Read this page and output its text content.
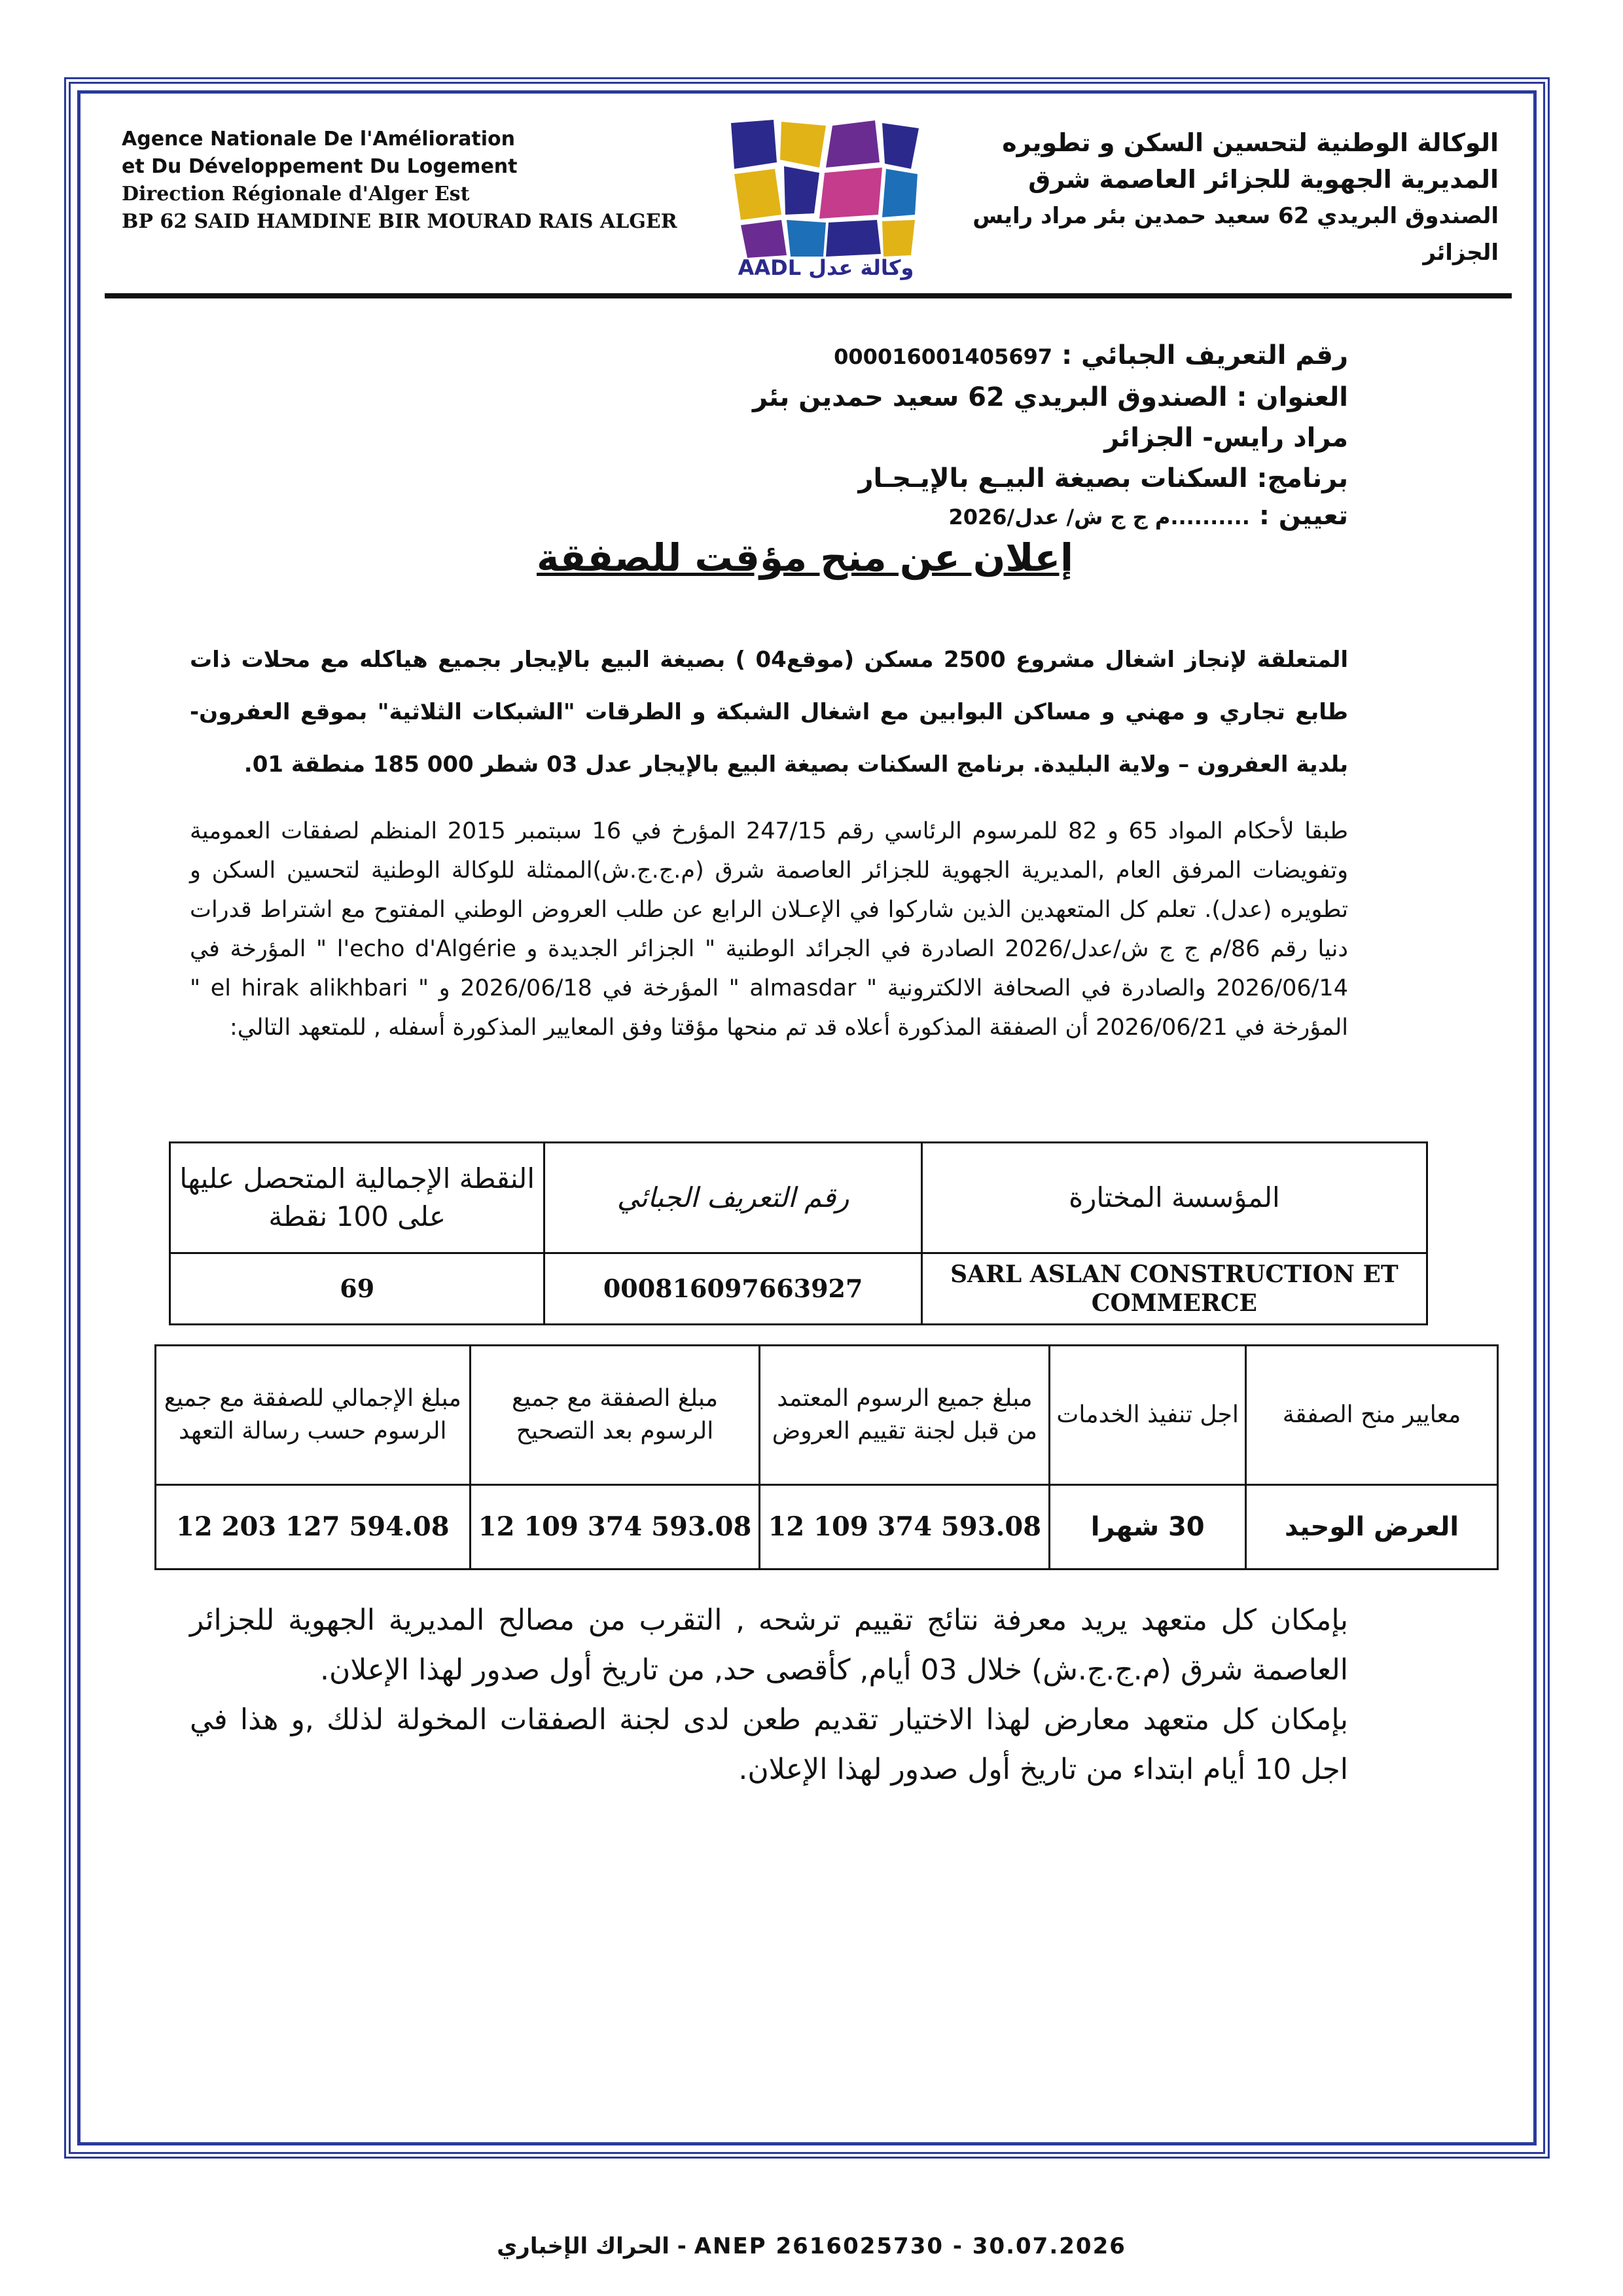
Agence Nationale De l'Amélioration
et Du Développement Du Logement
Direction Régionale d'Alger Est
BP 62 SAID HAMDINE BIR MOURAD RAIS ALGER
AADL وكالة عدل
الوكالة الوطنية لتحسين السكن و تطويره
المديرية الجهوية للجزائر العاصمة شرق
الصندوق البريدي 62 سعيد حمدين بئر مراد رايس
الجزائر
رقم التعريف الجبائي : 000016001405697
العنوان : الصندوق البريدي 62 سعيد حمدين بئر مراد رايس- الجزائر
برنامج: السكنات بصيغة البيـع بالإيـجـار
تعيين : ..........م ج ج ش/ عدل/2026
إعلان عن منح مؤقت للصفقة
المتعلقة لإنجاز اشغال مشروع 2500 مسكن (موقع04 ) بصيغة البيع بالإيجار بجميع هياكله مع محلات ذات طابع تجاري و مهني و مساكن البوابين مع اشغال الشبكة و الطرقات "الشبكات الثلاثية" بموقع العفرون- بلدية العفرون – ولاية البليدة. برنامج السكنات بصيغة البيع بالإيجار عدل 03 شطر 000 185 منطقة 01.
طبقا لأحكام المواد 65 و 82 للمرسوم الرئاسي رقم 247/15 المؤرخ في 16 سبتمبر 2015 المنظم لصفقات العمومية وتفويضات المرفق العام ,المديرية الجهوية للجزائر العاصمة شرق (م.ج.ج.ش)الممثلة للوكالة الوطنية لتحسين السكن و تطويره (عدل). تعلم كل المتعهدين الذين شاركوا في الإعـلان الرابع عن طلب العروض الوطني المفتوح مع اشتراط قدرات دنيا رقم 86/م ج ج ش/عدل/2026 الصادرة في الجرائد الوطنية " الجزائر الجديدة و l'echo d'Algérie " المؤرخة في 2026/06/14 والصادرة في الصحافة الالكترونية " almasdar " المؤرخة في 2026/06/18 و " el hirak alikhbari " المؤرخة في 2026/06/21 أن الصفقة المذكورة أعلاه قد تم منحها مؤقتا وفق المعايير المذكورة أسفله , للمتعهد التالي:
المؤسسة المختارة	رقم التعريف الجبائي	النقطة الإجمالية المتحصل عليها على 100 نقطة
SARL ASLAN CONSTRUCTION ET COMMERCE	000816097663927	69
معايير منح الصفقة	اجل تنفيذ الخدمات	مبلغ جميع الرسوم المعتمد من قبل لجنة تقييم العروض	مبلغ الصفقة مع جميع الرسوم بعد التصحيح	مبلغ الإجمالي للصفقة مع جميع الرسوم حسب رسالة التعهد
العرض الوحيد	30 شهرا	12 109 374 593.08	12 109 374 593.08	12 203 127 594.08
بإمكان كل متعهد يريد معرفة نتائج تقييم ترشحه , التقرب من مصالح المديرية الجهوية للجزائر العاصمة شرق (م.ج.ج.ش) خلال 03 أيام, كأقصى حد, من تاريخ أول صدور لهذا الإعلان.
بإمكان كل متعهد معارض لهذا الاختيار تقديم طعن لدى لجنة الصفقات المخولة لذلك ,و هذا في اجل 10 أيام ابتداء من تاريخ أول صدور لهذا الإعلان.
الحراك الإخباري - ANEP 2616025730 - 30.07.2026
